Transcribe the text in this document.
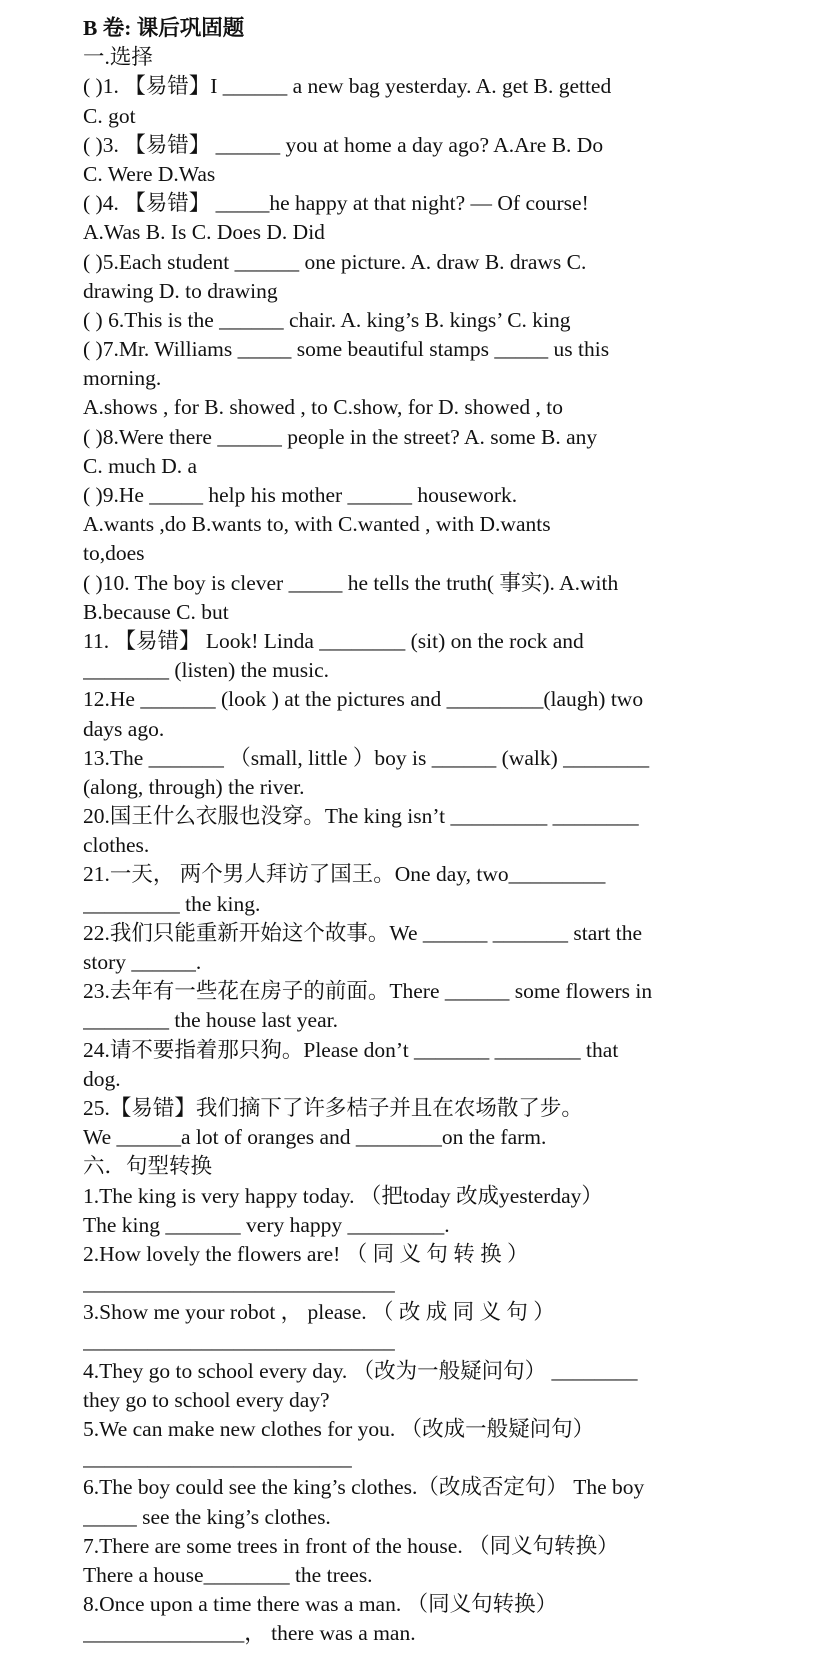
B 卷: 课后巩固题
一.选择
( )1. 【易错】I ______ a new bag yesterday. A. get B. getted
C. got
( )3. 【易错】 ______ you at home a day ago? A.Are B. Do
C. Were D.Was
( )4. 【易错】 _____he happy at that night? — Of course!
A.Was B. Is C. Does D. Did
( )5.Each student ______ one picture. A. draw B. draws C.
drawing D. to drawing
( ) 6.This is the ______ chair. A. king’s B. kings’ C. king
( )7.Mr. Williams _____ some beautiful stamps _____ us this
morning.
A.shows , for B. showed , to C.show, for D. showed , to
( )8.Were there ______ people in the street? A. some B. any
C. much D. a
( )9.He _____ help his mother ______ housework.
A.wants ,do B.wants to, with C.wanted , with D.wants
to,does
( )10. The boy is clever _____ he tells the truth( 事实). A.with
B.because C. but
11. 【易错】 Look! Linda ________ (sit) on the rock and
________ (listen) the music.
12.He _______ (look ) at the pictures and _________(laugh) two
days ago.
13.The _______ （small, little ）boy is ______ (walk) ________
(along, through) the river.
20.国王什么衣服也没穿。The king isn’t _________ ________
clothes.
21.一天， 两个男人拜访了国王。One day, two_________
_________ the king.
22.我们只能重新开始这个故事。We ______ _______ start the
story ______.
23.去年有一些花在房子的前面。There ______ some flowers in
________ the house last year.
24.请不要指着那只狗。Please don’t _______ ________ that
dog.
25.【易错】我们摘下了许多桔子并且在农场散了步。
We ______a lot of oranges and ________on the farm.
六．句型转换
1.The king is very happy today. （把today 改成yesterday）
The king _______ very happy _________.
2.How lovely the flowers are! （ 同 义 句 转 换 ）
_____________________________
3.Show me your robot ， please. （ 改 成 同 义 句 ）
_____________________________
4.They go to school every day. （改为一般疑问句） ________
they go to school every day?
5.We can make new clothes for you. （改成一般疑问句）
_________________________
6.The boy could see the king’s clothes.（改成否定句） The boy
_____ see the king’s clothes.
7.There are some trees in front of the house. （同义句转换）
There a house________ the trees.
8.Once upon a time there was a man. （同义句转换）
_______________， there was a man.
